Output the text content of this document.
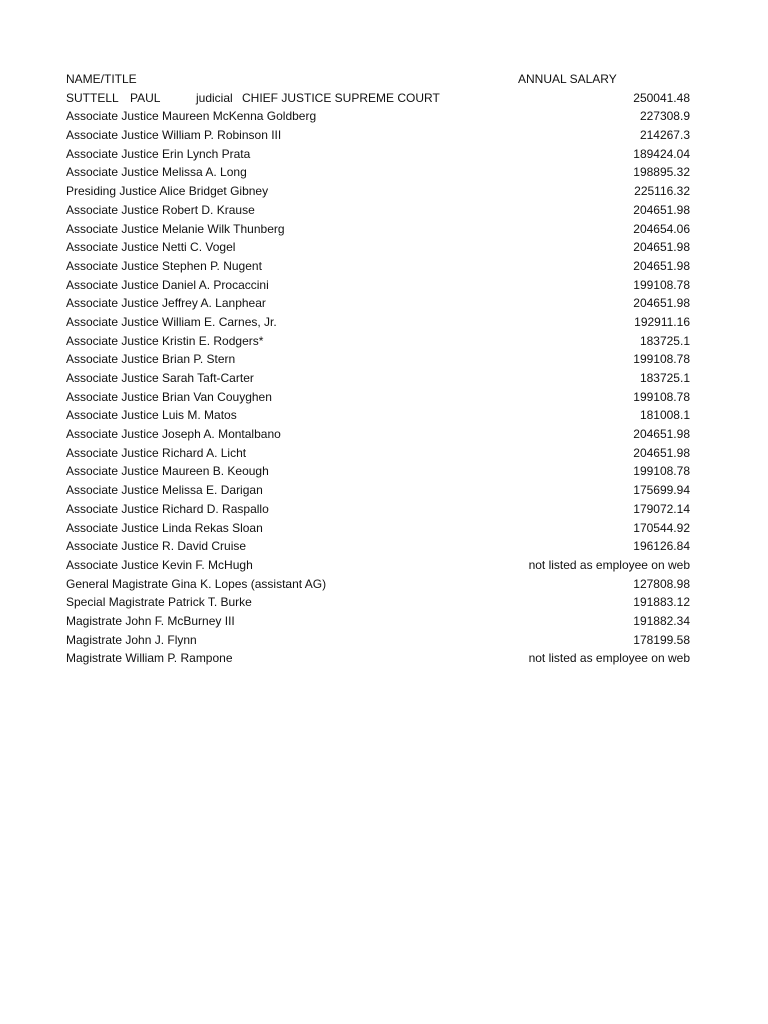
NAME/TITLE	ANNUAL SALARY
SUTTELL PAUL	judicial CHIEF JUSTICE SUPREME COURT	250041.48
Associate Justice Maureen McKenna Goldberg	227308.9
Associate Justice William P. Robinson III	214267.3
Associate Justice Erin Lynch Prata	189424.04
Associate Justice Melissa A. Long	198895.32
Presiding Justice Alice Bridget Gibney	225116.32
Associate Justice Robert D. Krause	204651.98
Associate Justice Melanie Wilk Thunberg	204654.06
Associate Justice Netti C. Vogel	204651.98
Associate Justice Stephen P. Nugent	204651.98
Associate Justice Daniel A. Procaccini	199108.78
Associate Justice Jeffrey A. Lanphear	204651.98
Associate Justice William E. Carnes, Jr.	192911.16
Associate Justice Kristin E. Rodgers*	183725.1
Associate Justice Brian P. Stern	199108.78
Associate Justice Sarah Taft-Carter	183725.1
Associate Justice Brian Van Couyghen	199108.78
Associate Justice Luis M. Matos	181008.1
Associate Justice Joseph A. Montalbano	204651.98
Associate Justice Richard A. Licht	204651.98
Associate Justice Maureen B. Keough	199108.78
Associate Justice Melissa E. Darigan	175699.94
Associate Justice Richard D. Raspallo	179072.14
Associate Justice Linda Rekas Sloan	170544.92
Associate Justice R. David Cruise	196126.84
Associate Justice Kevin F. McHugh	not listed as employee on web
General Magistrate Gina K. Lopes (assistant AG)	127808.98
Special Magistrate Patrick T. Burke	191883.12
Magistrate John F. McBurney III	191882.34
Magistrate John J. Flynn	178199.58
Magistrate William P. Rampone	not listed as employee on web
